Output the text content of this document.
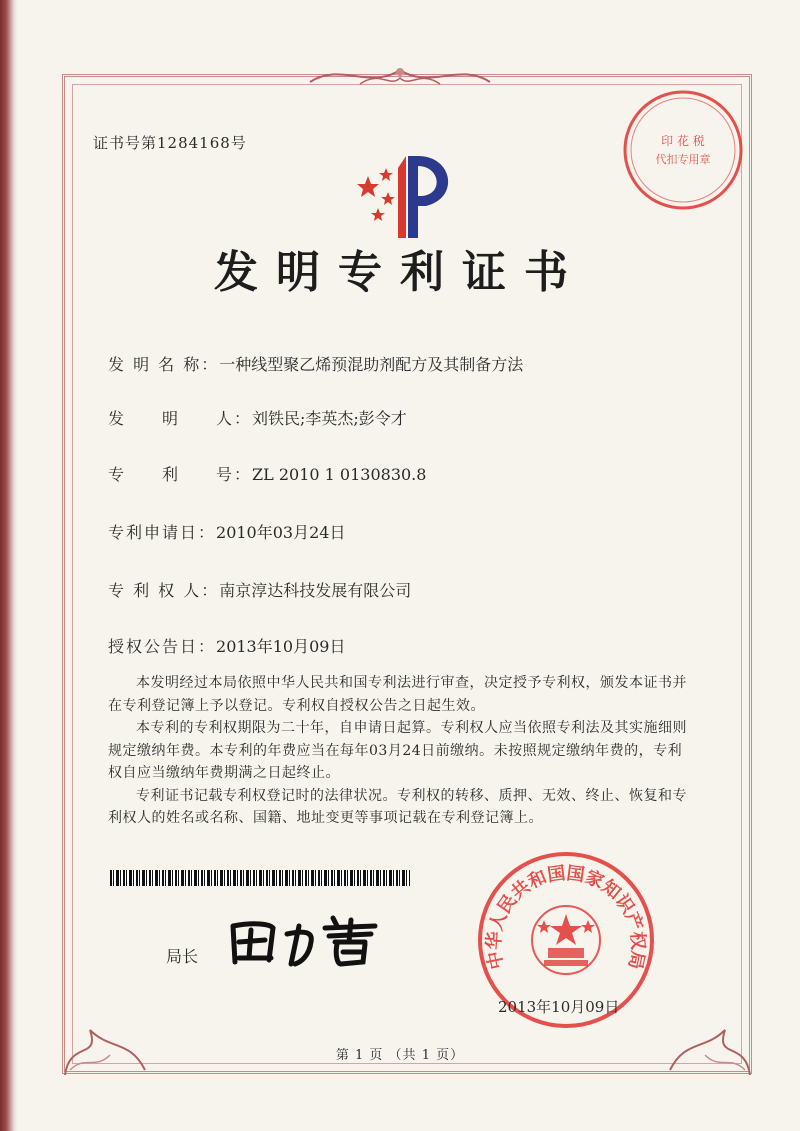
证书号第1284168号	印 花 税
代扣专用章
发明专利证书
发 明 名 称：一种线型聚乙烯预混助剂配方及其制备方法
发　　明　　人：刘铁民;李英杰;彭令才
专　　利　　号：ZL 2010 1 0130830.8
专利申请日：2010年03月24日
专 利 权 人：南京淳达科技发展有限公司
授权公告日：2013年10月09日

本发明经过本局依照中华人民共和国专利法进行审查，决定授予专利权，颁发本证书并在专利登记簿上予以登记。专利权自授权公告之日起生效。

本专利的专利权期限为二十年，自申请日起算。专利权人应当依照专利法及其实施细则规定缴纳年费。本专利的年费应当在每年03月24日前缴纳。未按照规定缴纳年费的，专利权自应当缴纳年费期满之日起终止。

专利证书记载专利权登记时的法律状况。专利权的转移、质押、无效、终止、恢复和专利权人的姓名或名称、国籍、地址变更等事项记载在专利登记簿上。

局长	中华人民共和国国家知识产权局
2013年10月09日
第 1 页 （共 1 页）
